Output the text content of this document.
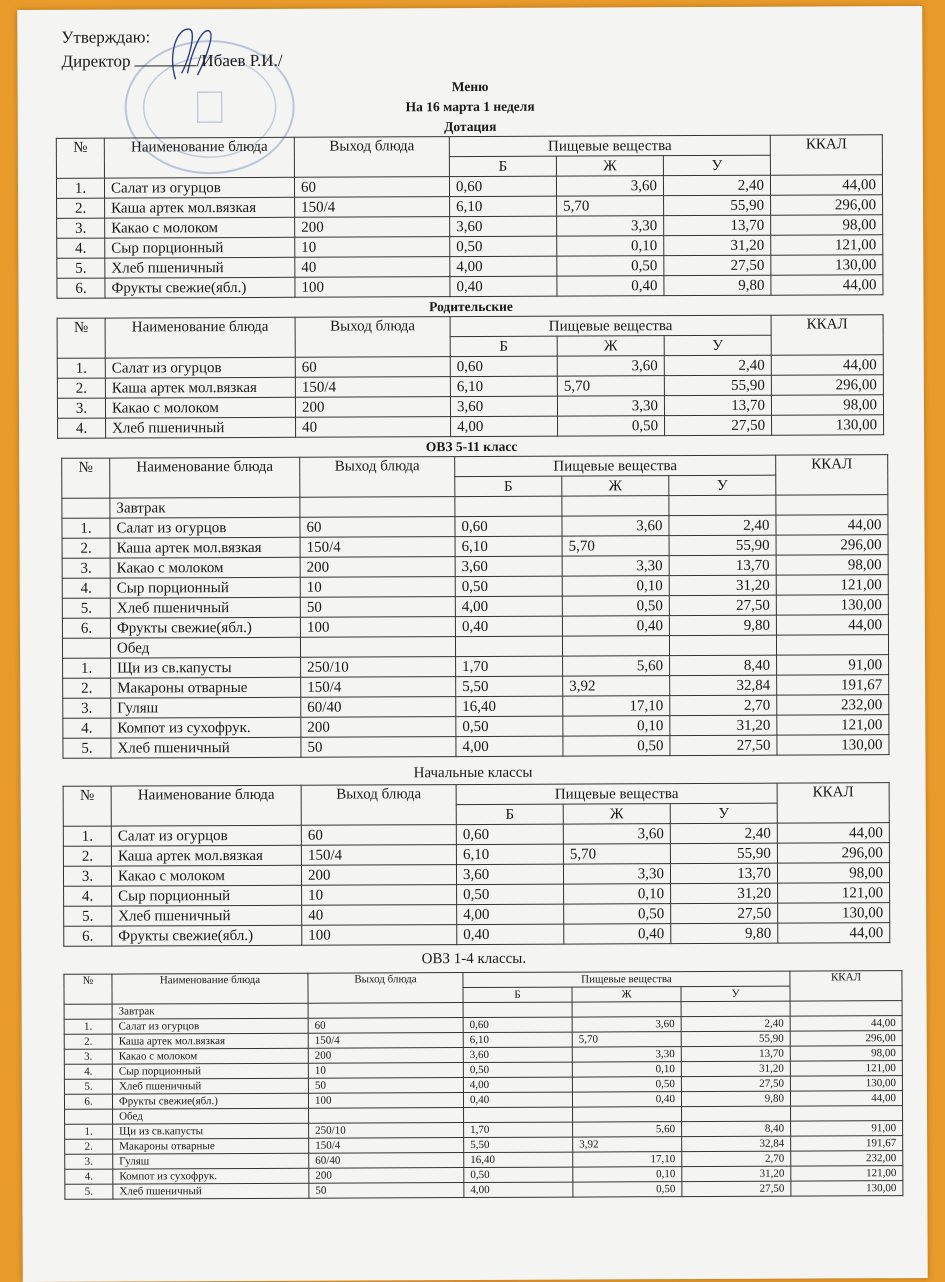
Утверждаю:
Директор	/Ибаев Р.И./
Меню
На 16 марта 1 неделя
Дотация
№	Наименование блюда	Выход блюда	Пищевые вещества			ККАЛ
			Б	Ж	У	
1.	Салат из огурцов	60	0,60	3,60	2,40	44,00
2.	Каша артек мол.вязкая	150/4	6,10	5,70	55,90	296,00
3.	Какао с молоком	200	3,60	3,30	13,70	98,00
4.	Сыр порционный	10	0,50	0,10	31,20	121,00
5.	Хлеб пшеничный	40	4,00	0,50	27,50	130,00
6.	Фрукты свежие(ябл.)	100	0,40	0,40	9,80	44,00
Родительские
№	Наименование блюда	Выход блюда	Пищевые вещества			ККАЛ
			Б	Ж	У	
1.	Салат из огурцов	60	0,60	3,60	2,40	44,00
2.	Каша артек мол.вязкая	150/4	6,10	5,70	55,90	296,00
3.	Какао с молоком	200	3,60	3,30	13,70	98,00
4.	Хлеб пшеничный	40	4,00	0,50	27,50	130,00
ОВЗ 5-11 класс
№	Наименование блюда	Выход блюда	Пищевые вещества			ККАЛ
			Б	Ж	У	
	Завтрак					
1.	Салат из огурцов	60	0,60	3,60	2,40	44,00
2.	Каша артек мол.вязкая	150/4	6,10	5,70	55,90	296,00
3.	Какао с молоком	200	3,60	3,30	13,70	98,00
4.	Сыр порционный	10	0,50	0,10	31,20	121,00
5.	Хлеб пшеничный	50	4,00	0,50	27,50	130,00
6.	Фрукты свежие(ябл.)	100	0,40	0,40	9,80	44,00
	Обед					
1.	Щи из св.капусты	250/10	1,70	5,60	8,40	91,00
2.	Макароны отварные	150/4	5,50	3,92	32,84	191,67
3.	Гуляш	60/40	16,40	17,10	2,70	232,00
4.	Компот из сухофрук.	200	0,50	0,10	31,20	121,00
5.	Хлеб пшеничный	50	4,00	0,50	27,50	130,00
Начальные классы
№	Наименование блюда	Выход блюда	Пищевые вещества			ККАЛ
			Б	Ж	У	
1.	Салат из огурцов	60	0,60	3,60	2,40	44,00
2.	Каша артек мол.вязкая	150/4	6,10	5,70	55,90	296,00
3.	Какао с молоком	200	3,60	3,30	13,70	98,00
4.	Сыр порционный	10	0,50	0,10	31,20	121,00
5.	Хлеб пшеничный	40	4,00	0,50	27,50	130,00
6.	Фрукты свежие(ябл.)	100	0,40	0,40	9,80	44,00
ОВЗ 1-4 классы.
№	Наименование блюда	Выход блюда	Пищевые вещества			ККАЛ
			Б	Ж	У	
	Завтрак					
1.	Салат из огурцов	60	0,60	3,60	2,40	44,00
2.	Каша артек мол.вязкая	150/4	6,10	5,70	55,90	296,00
3.	Какао с молоком	200	3,60	3,30	13,70	98,00
4.	Сыр порционный	10	0,50	0,10	31,20	121,00
5.	Хлеб пшеничный	50	4,00	0,50	27,50	130,00
6.	Фрукты свежие(ябл.)	100	0,40	0,40	9,80	44,00
	Обед					
1.	Щи из св.капусты	250/10	1,70	5,60	8,40	91,00
2.	Макароны отварные	150/4	5,50	3,92	32,84	191,67
3.	Гуляш	60/40	16,40	17,10	2,70	232,00
4.	Компот из сухофрук.	200	0,50	0,10	31,20	121,00
5.	Хлеб пшеничный	50	4,00	0,50	27,50	130,00
